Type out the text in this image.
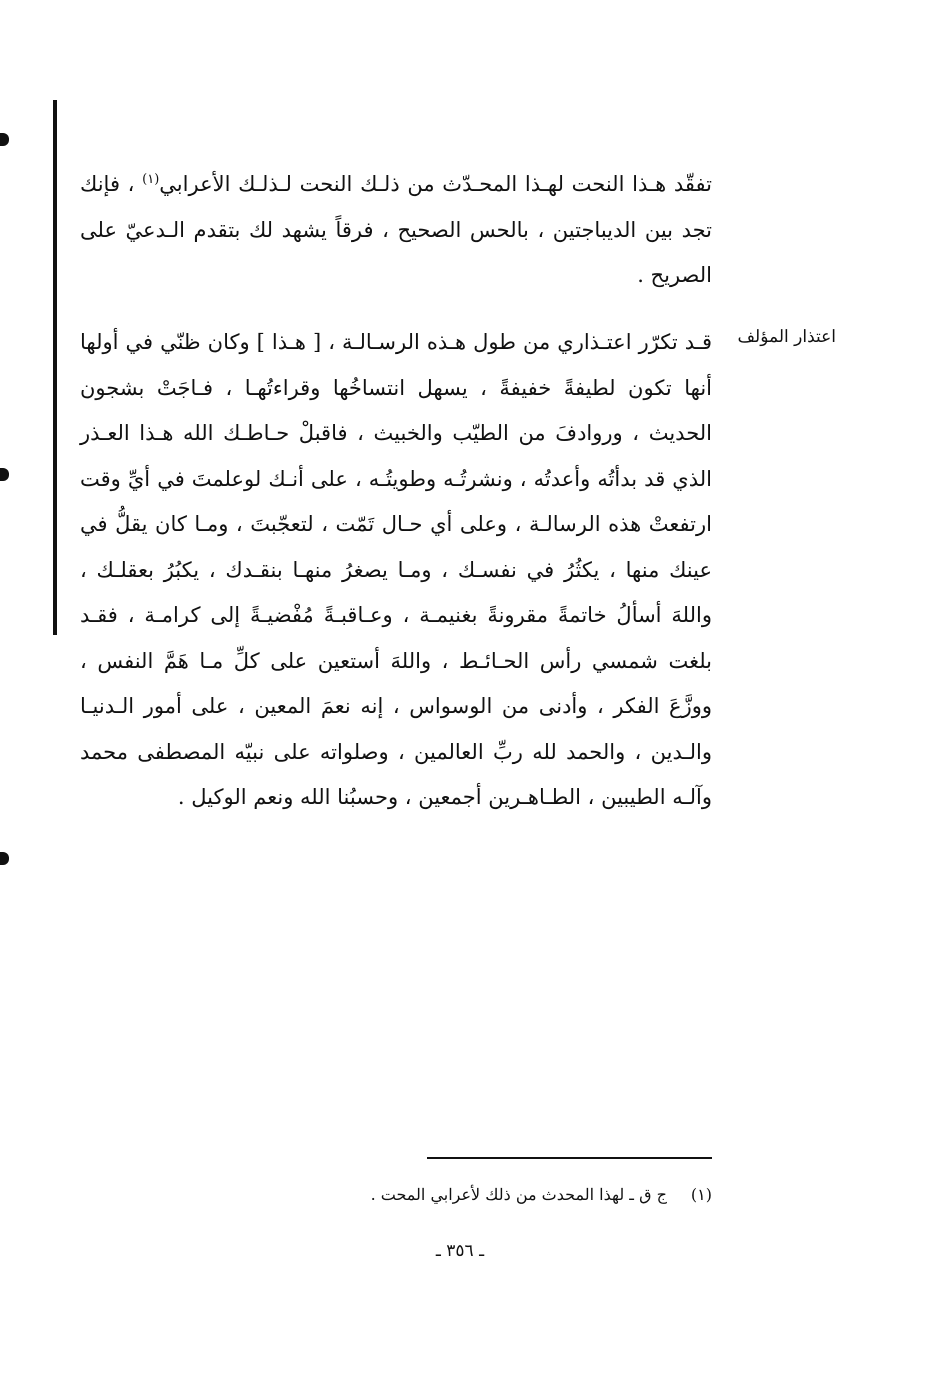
تفقّد هـذا النحت لهـذا المحـدّث من ذلـك النحت لـذلـك الأعرابي$^{(١)}$ ، فإنك تجد بين الديباجتين ، بالحس الصحيح ، فرقاً يشهد لك بتقدم الـدعيّ على الصريح .
اعتذار المؤلف
قـد تكرّر اعتـذاري من طول هـذه الرسـالـة ، [ هـذا ] وكان ظنّي في أولها أنها تكون لطيفةً خفيفةً ، يسهل انتساخُها وقراءتُهـا ، فـاجَتْ بشجون الحديث ، وروادفَ من الطيّب والخبيث ، فاقبلْ حـاطـك الله هـذا العـذر الذي قد بدأتُه وأعدتُه ، ونشرتُـه وطويتُـه ، على أنـك لوعلمتَ في أيِّ وقت ارتفعتْ هذه الرسالـة ، وعلى أي حـال تَمّت ، لتعجّبتَ ، ومـا كان يقلُّ في عينك منها ، يكثُرُ في نفسـك ، ومـا يصغرُ منهـا بنقـدك ، يكبُرُ بعقلـك ، واللهَ أسألُ خاتمةً مقرونةً بغنيمـة ، وعـاقبـةً مُفْضيـةً إلى كرامـة ، فقـد بلغت شمسي رأس الحـائـط ، واللهَ أستعين على كلِّ مـا هَمَّ النفس ، ووزَّعَ الفكر ، وأدنى من الوسواس ، إنه نعمَ المعين ، على أمور الـدنيـا والـدين ، والحمد لله ربِّ العالمين ، وصلواته على نبيّه المصطفى محمد وآلـه الطيبين ، الطـاهـرين أجمعين ، وحسبُنا الله ونعم الوكيل .
(١)ج ق ـ لهذا المحدث من ذلك لأعرابي المحت .
ـ ٣٥٦ ـ
